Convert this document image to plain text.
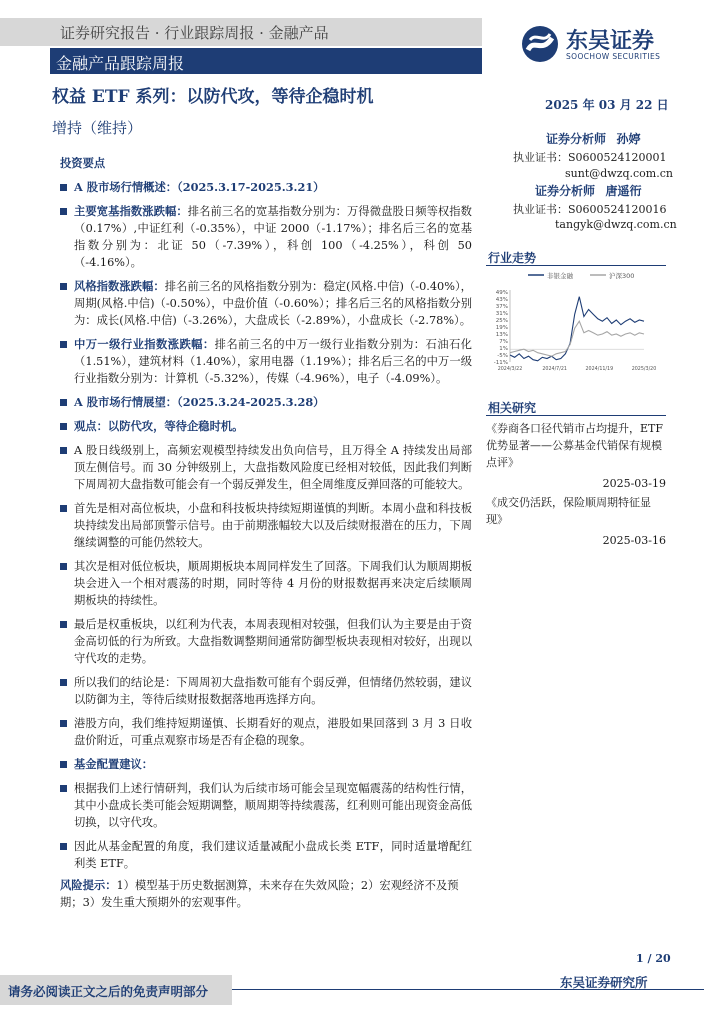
证券研究报告 · 行业跟踪周报 · 金融产品
金融产品跟踪周报
东吴证券
SOOCHOW SECURITIES
权益 ETF 系列：以防代攻，等待企稳时机	2025 年 03 月 22 日
增持（维持）
证券分析师 孙婷
执业证书：S0600524120001
sunt@dwzq.com.cn
证券分析师 唐遥衎
执业证书：S0600524120016
tangyk@dwzq.com.cn
行业走势
非银金融	沪深300
49%
43%
37%
31%
25%
19%
13%
7%
1%
-5%
-11%
2024/3/22	2024/7/21	2024/11/19	2025/3/20
相关研究
《券商各口径代销市占均提升，ETF 优势显著——公募基金代销保有规模点评》
2025-03-19
《成交仍活跃，保险顺周期特征显现》
2025-03-16
投资要点
A 股市场行情概述：（2025.3.17-2025.3.21）
主要宽基指数涨跌幅：排名前三名的宽基指数分别为：万得微盘股日频等权指数（0.17%）,中证红利（-0.35%），中证 2000（-1.17%）；排名后三名的宽基指数分别为：北证 50（-7.39%），科创 100（-4.25%），科创 50（-4.16%）。
风格指数涨跌幅：排名前三名的风格指数分别为：稳定(风格.中信)（-0.40%），周期(风格.中信)（-0.50%），中盘价值（-0.60%）；排名后三名的风格指数分别为：成长(风格.中信)（-3.26%），大盘成长（-2.89%），小盘成长（-2.78%）。
中万一级行业指数涨跌幅：排名前三名的中万一级行业指数分别为：石油石化（1.51%），建筑材料（1.40%），家用电器（1.19%）；排名后三名的中万一级行业指数分别为：计算机（-5.32%），传媒（-4.96%），电子（-4.09%）。
A 股市场行情展望：（2025.3.24-2025.3.28）
观点：以防代攻，等待企稳时机。
A 股日线级别上，高频宏观模型持续发出负向信号，且万得全 A 持续发出局部顶左侧信号。而 30 分钟级别上，大盘指数风险度已经相对较低，因此我们判断下周周初大盘指数可能会有一个弱反弹发生，但全周维度反弹回落的可能较大。
首先是相对高位板块，小盘和科技板块持续短期谨慎的判断。本周小盘和科技板块持续发出局部顶警示信号。由于前期涨幅较大以及后续财报潜在的压力，下周继续调整的可能仍然较大。
其次是相对低位板块，顺周期板块本周同样发生了回落。下周我们认为顺周期板块会进入一个相对震荡的时期，同时等待 4 月份的财报数据再来决定后续顺周期板块的持续性。
最后是权重板块，以红利为代表，本周表现相对较强，但我们认为主要是由于资金高切低的行为所致。大盘指数调整期间通常防御型板块表现相对较好，出现以守代攻的走势。
所以我们的结论是：下周周初大盘指数可能有个弱反弹，但情绪仍然较弱，建议以防御为主，等待后续财报数据落地再选择方向。
港股方向，我们维持短期谨慎、长期看好的观点，港股如果回落到 3 月 3 日收盘价附近，可重点观察市场是否有企稳的现象。
基金配置建议：
根据我们上述行情研判，我们认为后续市场可能会呈现宽幅震荡的结构性行情，其中小盘成长类可能会短期调整，顺周期等持续震荡，红利则可能出现资金高低切换，以守代攻。
因此从基金配置的角度，我们建议适量减配小盘成长类 ETF，同时适量增配红利类 ETF。
风险提示：1）模型基于历史数据测算，未来存在失效风险；2）宏观经济不及预期；3）发生重大预期外的宏观事件。
1 / 20
请务必阅读正文之后的免责声明部分
东吴证券研究所
